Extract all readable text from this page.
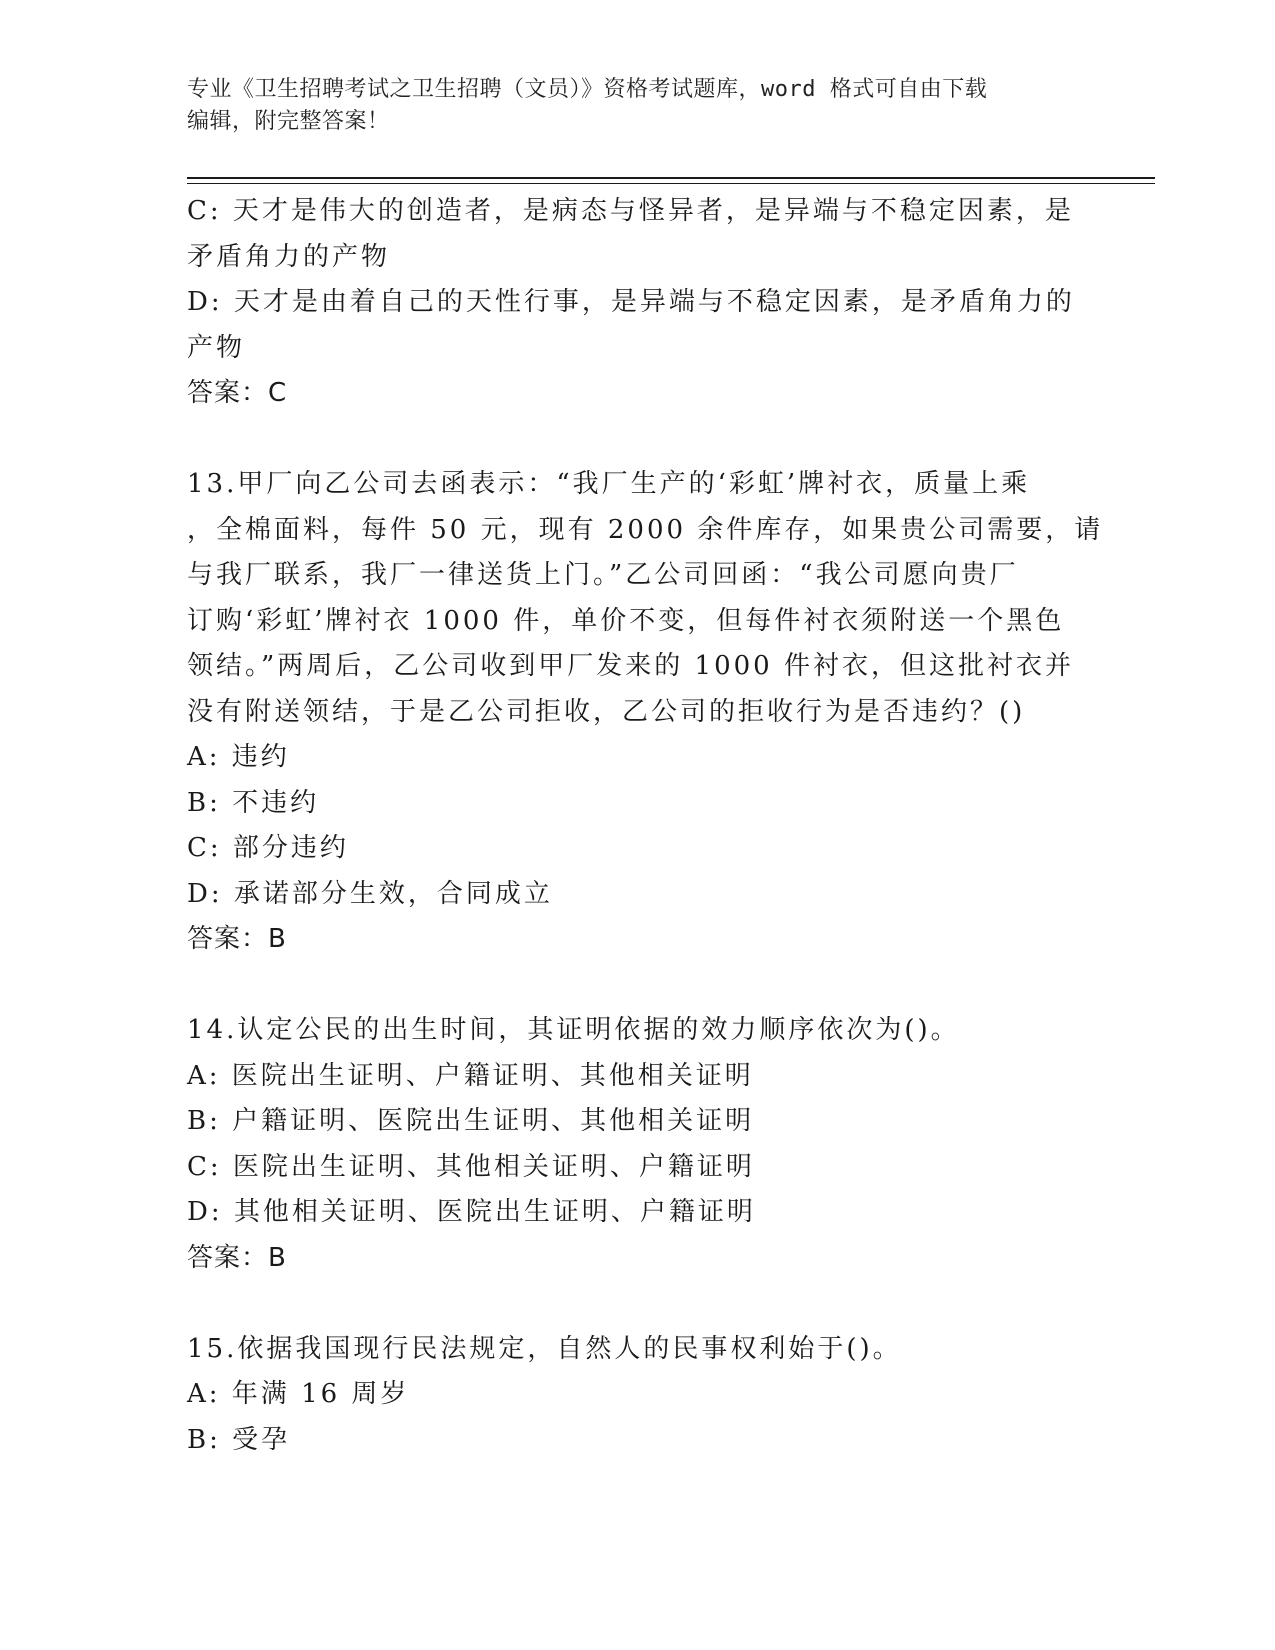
专业《卫生招聘考试之卫生招聘（文员）》资格考试题库，word 格式可自由下载
编辑，附完整答案！
C: 天才是伟大的创造者，是病态与怪异者，是异端与不稳定因素，是
矛盾角力的产物
D: 天才是由着自己的天性行事，是异端与不稳定因素，是矛盾角力的
产物
答案：C
13.甲厂向乙公司去函表示：“我厂生产的‘彩虹’牌衬衣，质量上乘
，全棉面料，每件 50 元，现有 2000 余件库存，如果贵公司需要，请
与我厂联系，我厂一律送货上门。”乙公司回函：“我公司愿向贵厂
订购‘彩虹’牌衬衣 1000 件，单价不变，但每件衬衣须附送一个黑色
领结。”两周后，乙公司收到甲厂发来的 1000 件衬衣，但这批衬衣并
没有附送领结，于是乙公司拒收，乙公司的拒收行为是否违约？()
A: 违约
B: 不违约
C: 部分违约
D: 承诺部分生效，合同成立
答案：B
14.认定公民的出生时间，其证明依据的效力顺序依次为()。
A: 医院出生证明、户籍证明、其他相关证明
B: 户籍证明、医院出生证明、其他相关证明
C: 医院出生证明、其他相关证明、户籍证明
D: 其他相关证明、医院出生证明、户籍证明
答案：B
15.依据我国现行民法规定，自然人的民事权利始于()。
A: 年满 16 周岁
B: 受孕
